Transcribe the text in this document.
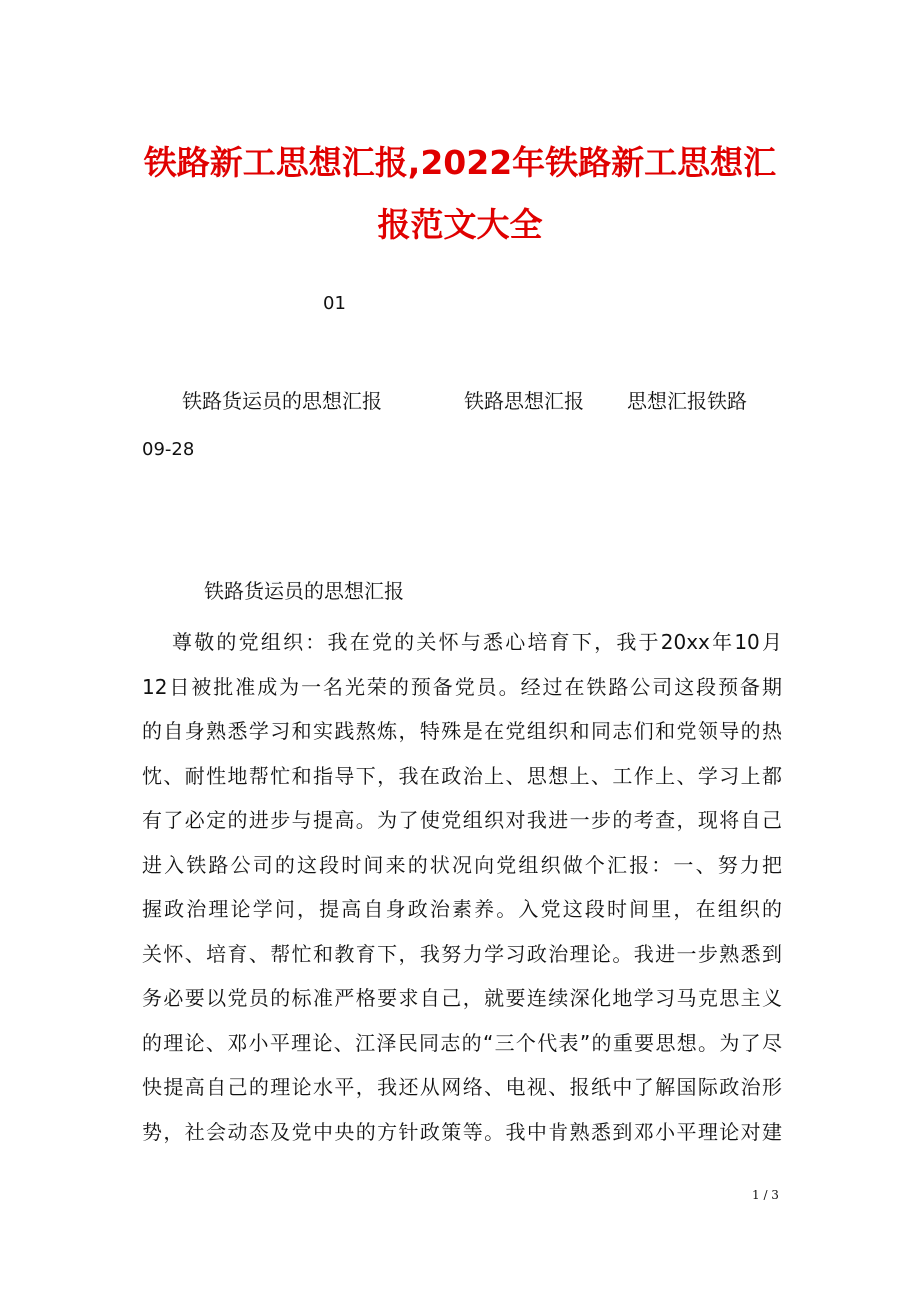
铁路新工思想汇报,2022年铁路新工思想汇
报范文大全
01
铁路货运员的思想汇报	铁路思想汇报 思想汇报铁路
09-28
铁路货运员的思想汇报
尊敬的党组织：我在党的关怀与悉心培育下，我于20xx年10月
12日被批准成为一名光荣的预备党员。经过在铁路公司这段预备期
的自身熟悉学习和实践熬炼，特殊是在党组织和同志们和党领导的热
忱、耐性地帮忙和指导下，我在政治上、思想上、工作上、学习上都
有了必定的进步与提高。为了使党组织对我进一步的考查，现将自己
进入铁路公司的这段时间来的状况向党组织做个汇报：一、努力把
握政治理论学问，提高自身政治素养。入党这段时间里，在组织的
关怀、培育、帮忙和教育下，我努力学习政治理论。我进一步熟悉到
务必要以党员的标准严格要求自己，就要连续深化地学习马克思主义
的理论、邓小平理论、江泽民同志的“三个代表”的重要思想。为了尽
快提高自己的理论水平，我还从网络、电视、报纸中了解国际政治形
势，社会动态及党中央的方针政策等。我中肯熟悉到邓小平理论对建
1 / 3
